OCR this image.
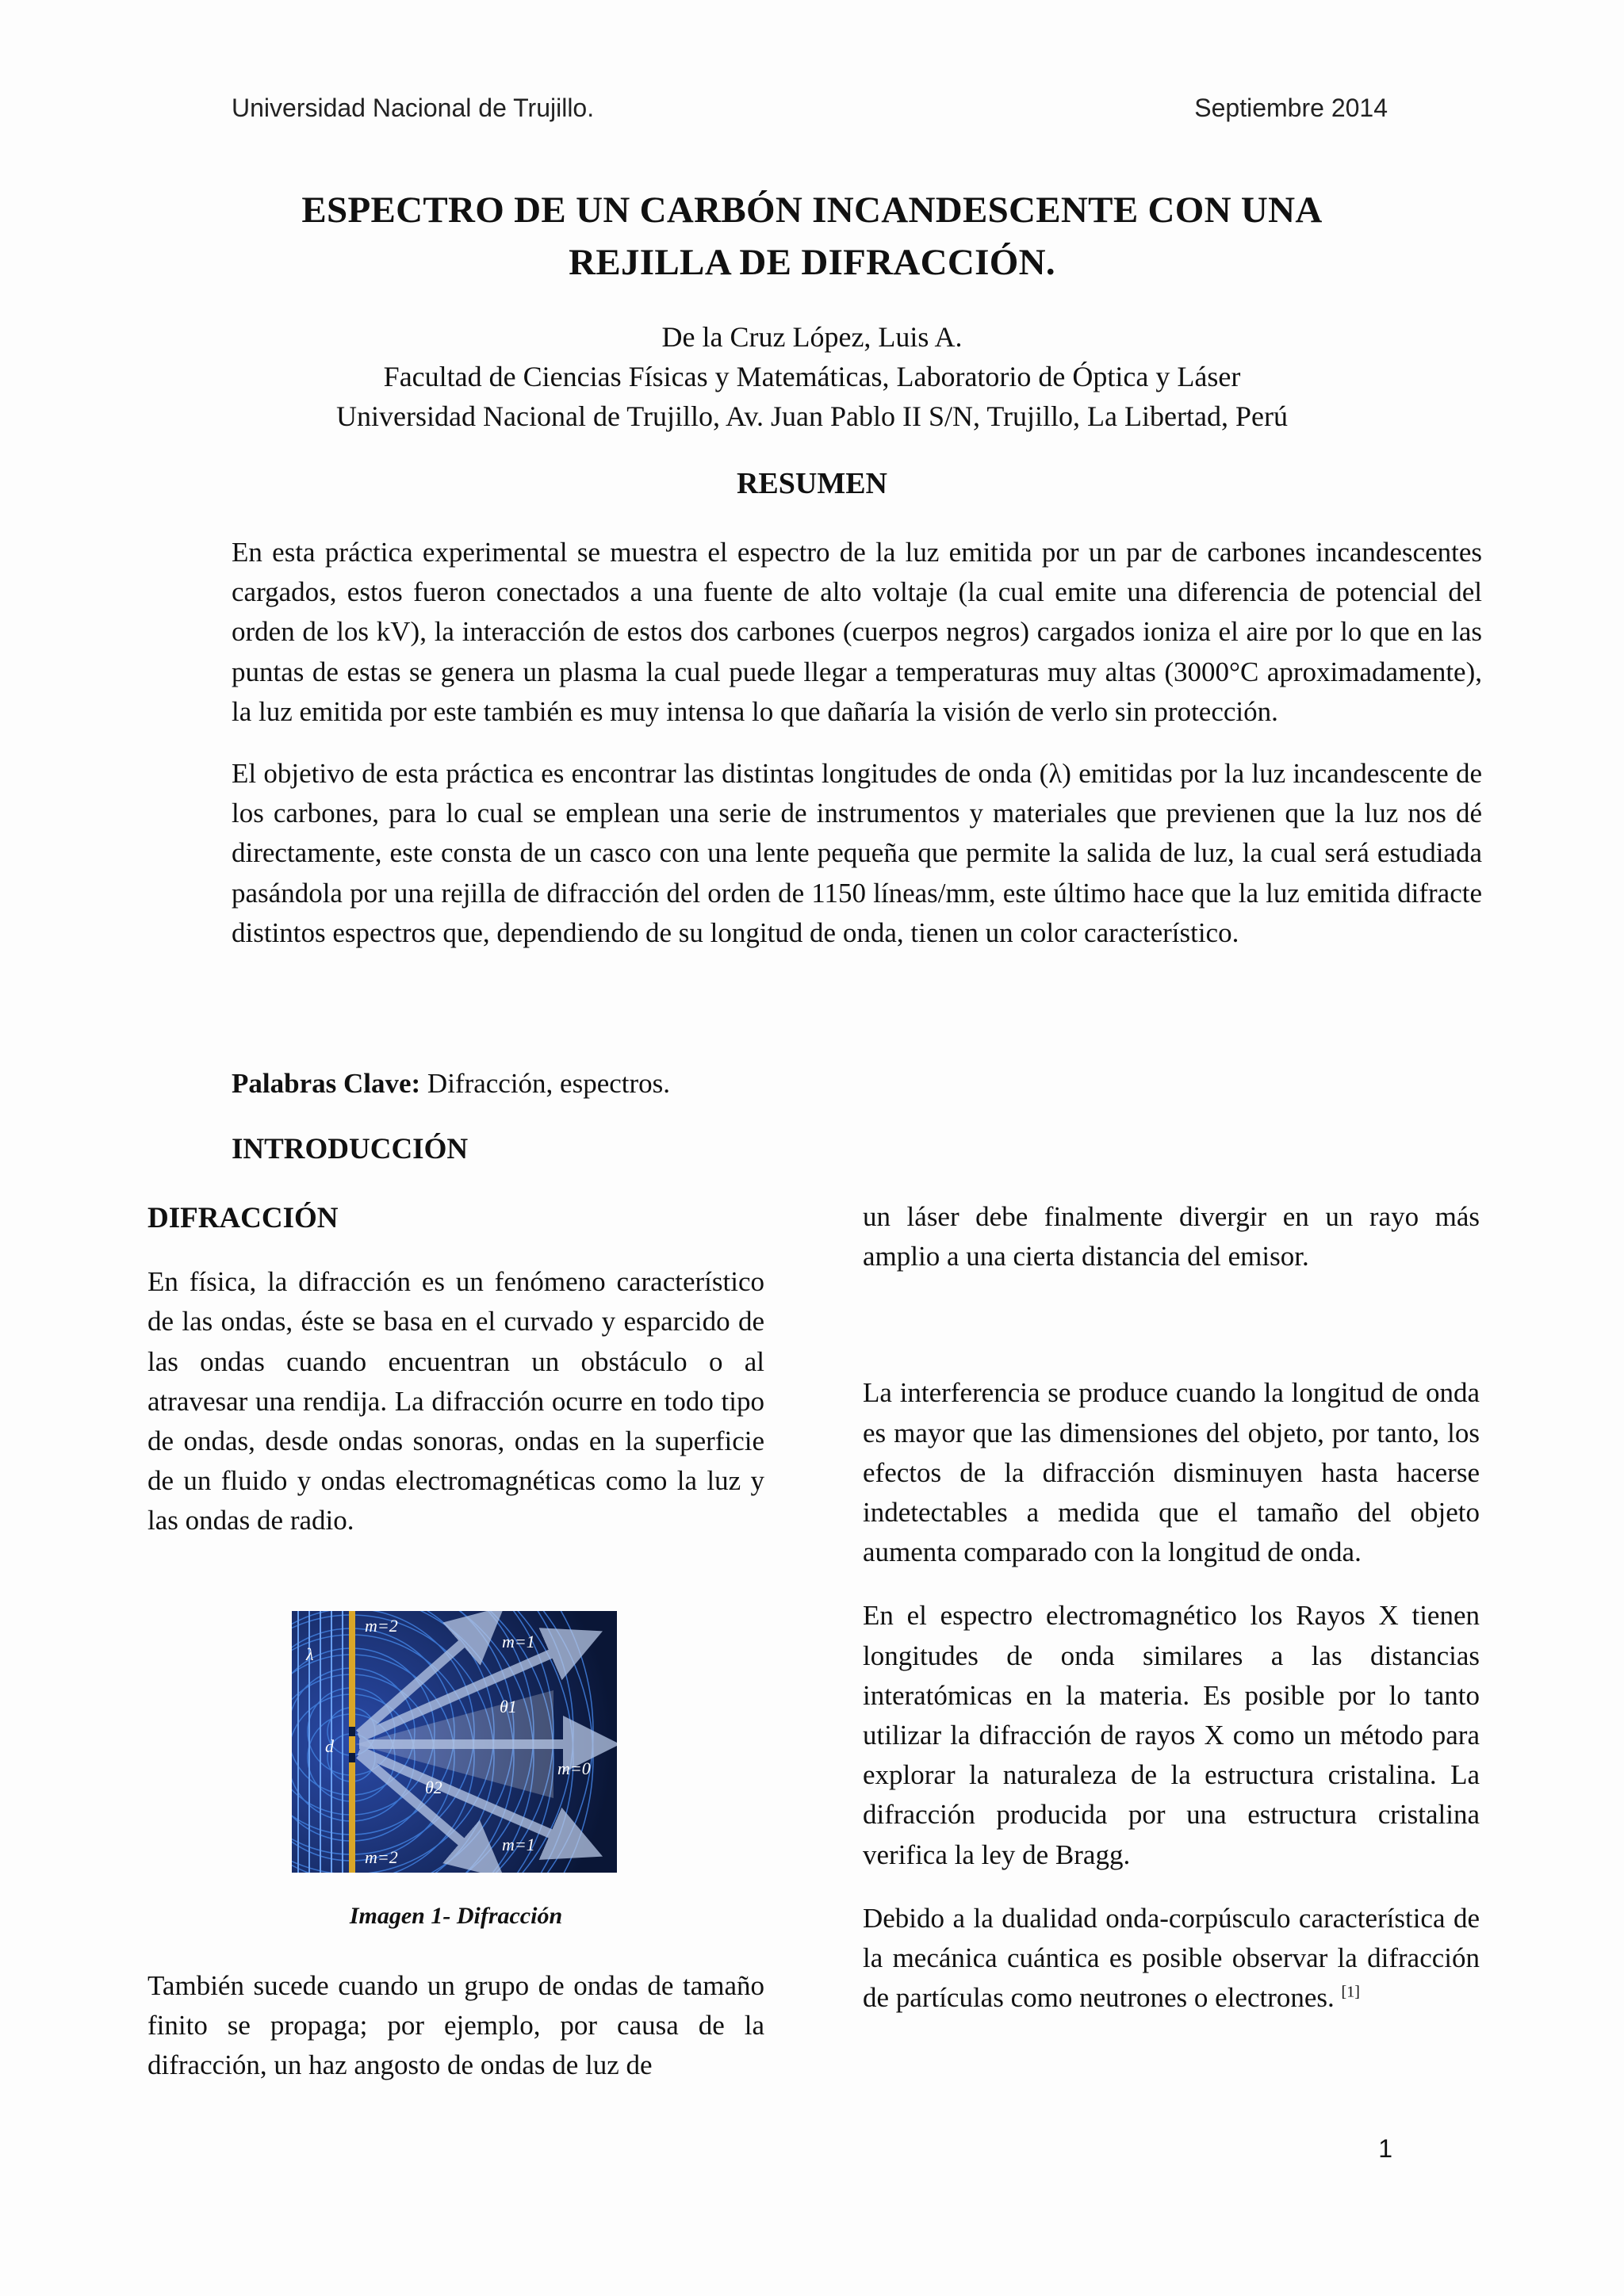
Universidad Nacional de Trujillo.	Septiembre 2014
ESPECTRO DE UN CARBÓN INCANDESCENTE CON UNA
REJILLA DE DIFRACCIÓN.
De la Cruz López, Luis A.
Facultad de Ciencias Físicas y Matemáticas, Laboratorio de Óptica y Láser
Universidad Nacional de Trujillo, Av. Juan Pablo II S/N, Trujillo, La Libertad, Perú
RESUMEN

En esta práctica experimental se muestra el espectro de la luz emitida por un par de carbones incandescentes cargados, estos fueron conectados a una fuente de alto voltaje (la cual emite una diferencia de potencial del orden de los kV), la interacción de estos dos carbones (cuerpos negros) cargados ioniza el aire por lo que en las puntas de estas se genera un plasma la cual puede llegar a temperaturas muy altas (3000°C aproximadamente), la luz emitida por este también es muy intensa lo que dañaría la visión de verlo sin protección.

El objetivo de esta práctica es encontrar las distintas longitudes de onda (λ) emitidas por la luz incandescente de los carbones, para lo cual se emplean una serie de instrumentos y materiales que previenen que la luz nos dé directamente, este consta de un casco con una lente pequeña que permite la salida de luz, la cual será estudiada pasándola por una rejilla de difracción del orden de 1150 líneas/mm, este último hace que la luz emitida difracte distintos espectros que, dependiendo de su longitud de onda, tienen un color característico.

Palabras Clave: Difracción, espectros.
INTRODUCCIÓN
DIFRACCIÓN

En física, la difracción es un fenómeno característico de las ondas, éste se basa en el curvado y esparcido de las ondas cuando encuentran un obstáculo o al atravesar una rendija. La difracción ocurre en todo tipo de ondas, desde ondas sonoras, ondas en la superficie de un fluido y ondas electromagnéticas como la luz y las ondas de radio.

λ
d
m=2
m=1
m=0
m=1
m=2
θ1
θ2
Imagen 1- Difracción

También sucede cuando un grupo de ondas de tamaño finito se propaga; por ejemplo, por causa de la difracción, un haz angosto de ondas de luz de

un láser debe finalmente divergir en un rayo más amplio a una cierta distancia del emisor.

La interferencia se produce cuando la longitud de onda es mayor que las dimensiones del objeto, por tanto, los efectos de la difracción disminuyen hasta hacerse indetectables a medida que el tamaño del objeto aumenta comparado con la longitud de onda.

En el espectro electromagnético los Rayos X tienen longitudes de onda similares a las distancias interatómicas en la materia. Es posible por lo tanto utilizar la difracción de rayos X como un método para explorar la naturaleza de la estructura cristalina. La difracción producida por una estructura cristalina verifica la ley de Bragg.

Debido a la dualidad onda-corpúsculo característica de la mecánica cuántica es posible observar la difracción de partículas como neutrones o electrones. [1]

1
